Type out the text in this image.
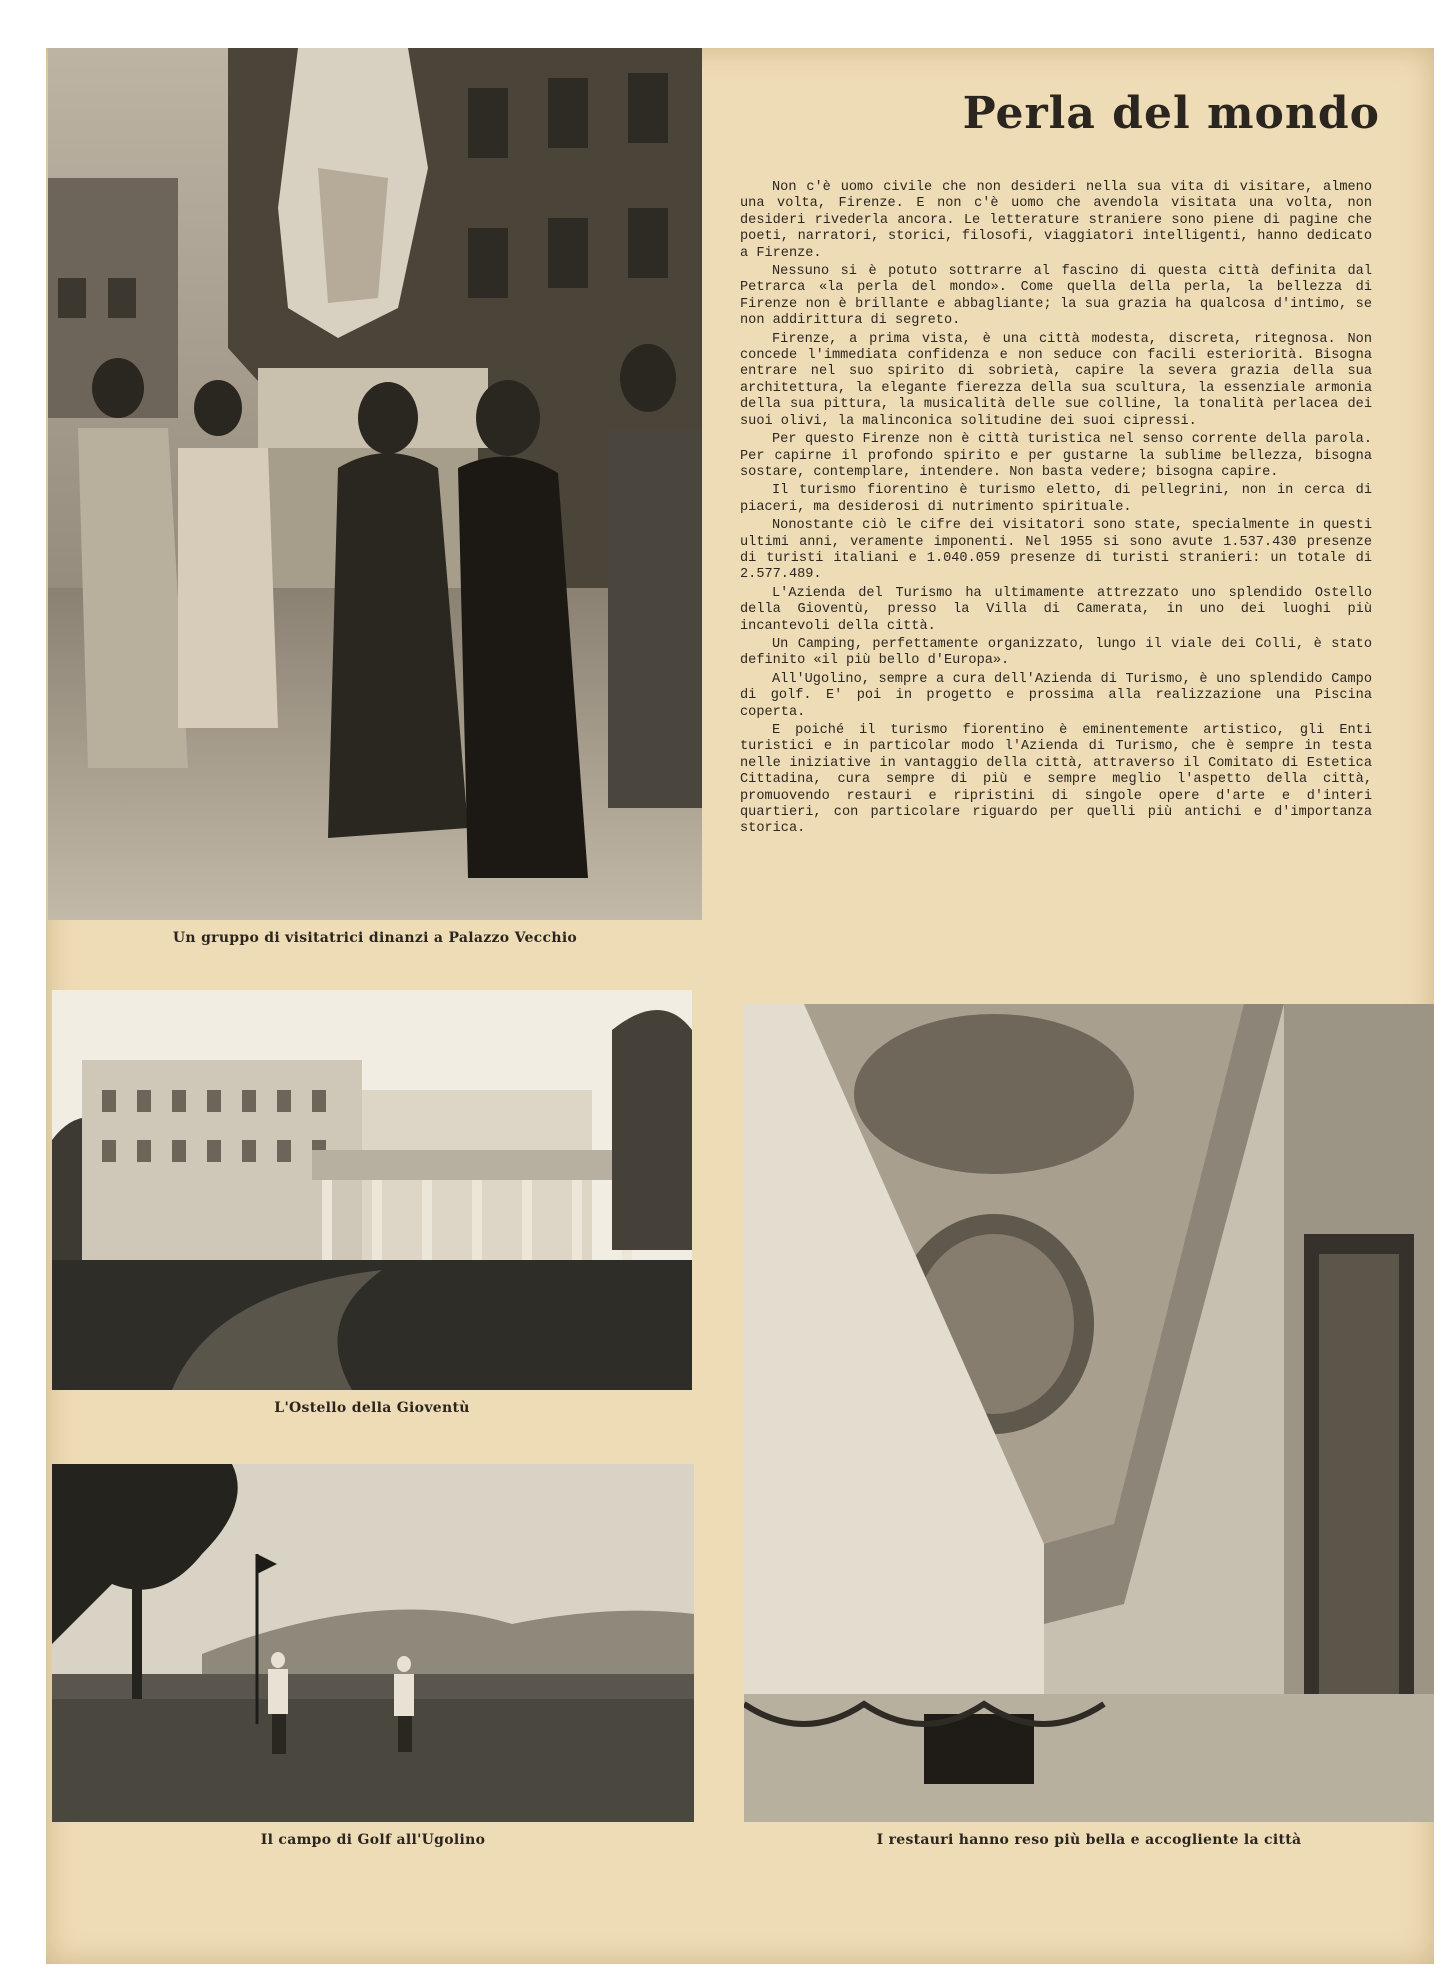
Un gruppo di visitatrici dinanzi a Palazzo Vecchio
Perla del mondo

Non c'è uomo civile che non desideri nella sua vita di visitare, almeno una volta, Firenze. E non c'è uomo che avendola visitata una volta, non desideri rivederla ancora. Le letterature straniere sono piene di pagine che poeti, narratori, storici, filosofi, viaggiatori intelligenti, hanno dedicato a Firenze.

Nessuno si è potuto sottrarre al fascino di questa città definita dal Petrarca «la perla del mondo». Come quella della perla, la bellezza di Firenze non è brillante e abbagliante; la sua grazia ha qualcosa d'intimo, se non addirittura di segreto.

Firenze, a prima vista, è una città modesta, discreta, ritegnosa. Non concede l'immediata confidenza e non seduce con facili esteriorità. Bisogna entrare nel suo spirito di sobrietà, capire la severa grazia della sua architettura, la elegante fierezza della sua scultura, la essenziale armonia della sua pittura, la musicalità delle sue colline, la tonalità perlacea dei suoi olivi, la malinconica solitudine dei suoi cipressi.

Per questo Firenze non è città turistica nel senso corrente della parola. Per capirne il profondo spirito e per gustarne la sublime bellezza, bisogna sostare, contemplare, intendere. Non basta vedere; bisogna capire.

Il turismo fiorentino è turismo eletto, di pellegrini, non in cerca di piaceri, ma desiderosi di nutrimento spirituale.

Nonostante ciò le cifre dei visitatori sono state, specialmente in questi ultimi anni, veramente imponenti. Nel 1955 si sono avute 1.537.430 presenze di turisti italiani e 1.040.059 presenze di turisti stranieri: un totale di 2.577.489.

L'Azienda del Turismo ha ultimamente attrezzato uno splendido Ostello della Gioventù, presso la Villa di Camerata, in uno dei luoghi più incantevoli della città.

Un Camping, perfettamente organizzato, lungo il viale dei Colli, è stato definito «il più bello d'Europa».

All'Ugolino, sempre a cura dell'Azienda di Turismo, è uno splendido Campo di golf. E' poi in progetto e prossima alla realizzazione una Piscina coperta.

E poiché il turismo fiorentino è eminentemente artistico, gli Enti turistici e in particolar modo l'Azienda di Turismo, che è sempre in testa nelle iniziative in vantaggio della città, attraverso il Comitato di Estetica Cittadina, cura sempre di più e sempre meglio l'aspetto della città, promuovendo restauri e ripristini di singole opere d'arte e d'interi quartieri, con particolare riguardo per quelli più antichi e d'importanza storica.

L'Ostello della Gioventù
Il campo di Golf all'Ugolino	I restauri hanno reso più bella e accogliente la città
